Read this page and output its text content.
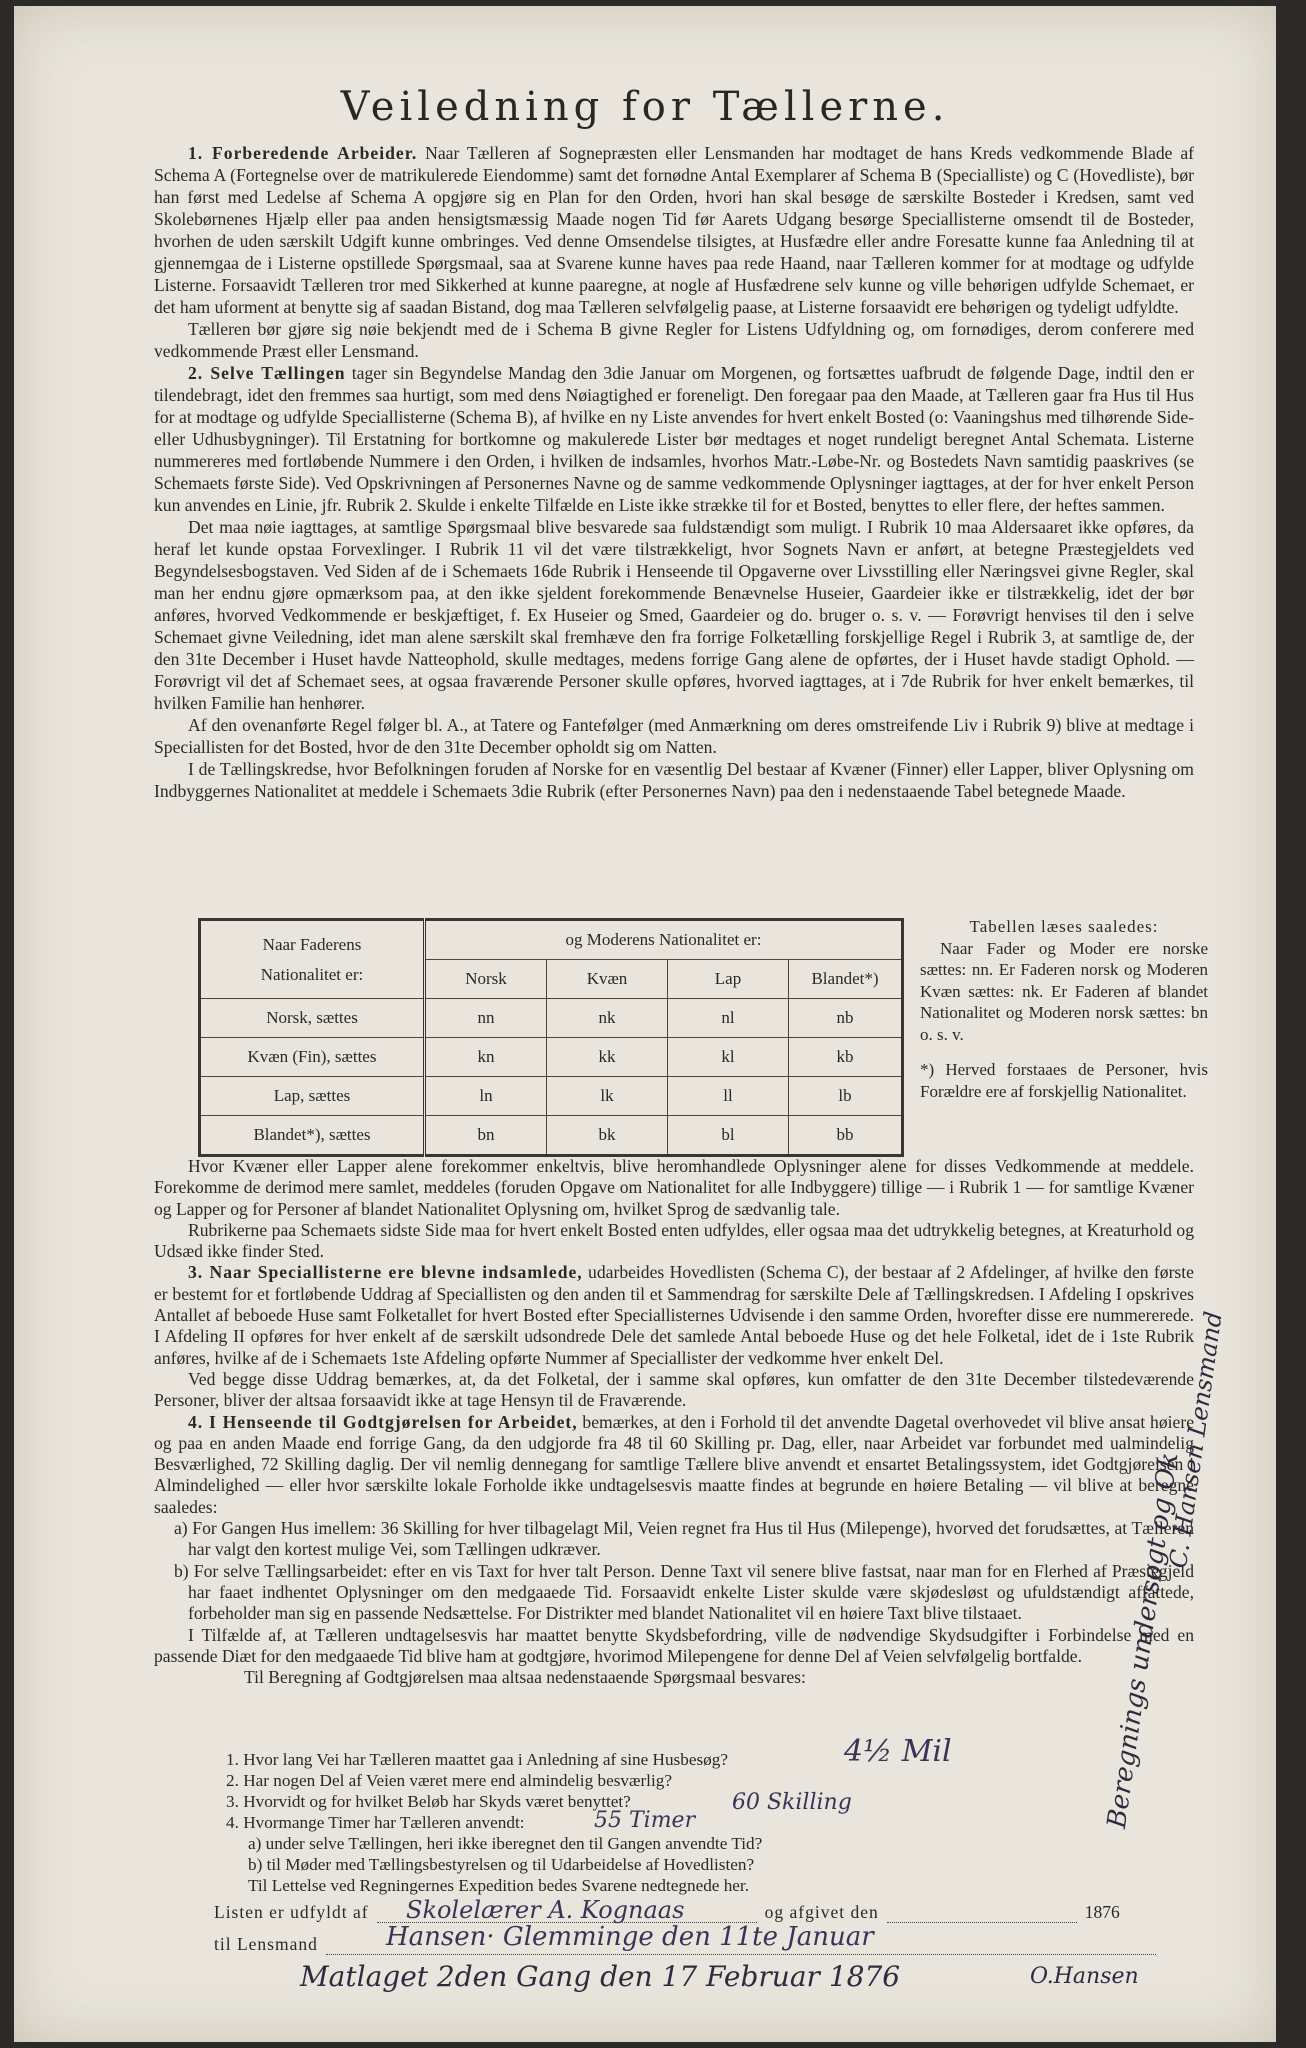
Veiledning for Tællerne.

1. Forberedende Arbeider. Naar Tælleren af Sognepræsten eller Lensmanden har modtaget de hans Kreds vedkommende Blade af Schema A (Fortegnelse over de matrikulerede Eiendomme) samt det fornødne Antal Exemplarer af Schema B (Specialliste) og C (Hovedliste), bør han først med Ledelse af Schema A opgjøre sig en Plan for den Orden, hvori han skal besøge de særskilte Bosteder i Kredsen, samt ved Skolebørnenes Hjælp eller paa anden hensigtsmæssig Maade nogen Tid før Aarets Udgang besørge Speciallisterne omsendt til de Bosteder, hvorhen de uden særskilt Udgift kunne ombringes. Ved denne Omsendelse tilsigtes, at Husfædre eller andre Foresatte kunne faa Anledning til at gjennemgaa de i Listerne opstillede Spørgsmaal, saa at Svarene kunne haves paa rede Haand, naar Tælleren kommer for at modtage og udfylde Listerne. Forsaavidt Tælleren tror med Sikkerhed at kunne paaregne, at nogle af Husfædrene selv kunne og ville behørigen udfylde Schemaet, er det ham uforment at benytte sig af saadan Bistand, dog maa Tælleren selvfølgelig paase, at Listerne forsaavidt ere behørigen og tydeligt udfyldte.

Tælleren bør gjøre sig nøie bekjendt med de i Schema B givne Regler for Listens Udfyldning og, om fornødiges, derom conferere med vedkommende Præst eller Lensmand.

2. Selve Tællingen tager sin Begyndelse Mandag den 3die Januar om Morgenen, og fortsættes uafbrudt de følgende Dage, indtil den er tilendebragt, idet den fremmes saa hurtigt, som med dens Nøiagtighed er foreneligt. Den foregaar paa den Maade, at Tælleren gaar fra Hus til Hus for at modtage og udfylde Speciallisterne (Schema B), af hvilke en ny Liste anvendes for hvert enkelt Bosted (o: Vaaningshus med tilhørende Side- eller Udhusbygninger). Til Erstatning for bortkomne og makulerede Lister bør medtages et noget rundeligt beregnet Antal Schemata. Listerne nummereres med fortløbende Nummere i den Orden, i hvilken de indsamles, hvorhos Matr.-Løbe-Nr. og Bostedets Navn samtidig paaskrives (se Schemaets første Side). Ved Opskrivningen af Personernes Navne og de samme vedkommende Oplysninger iagttages, at der for hver enkelt Person kun anvendes en Linie, jfr. Rubrik 2. Skulde i enkelte Tilfælde en Liste ikke strække til for et Bosted, benyttes to eller flere, der heftes sammen.

Det maa nøie iagttages, at samtlige Spørgsmaal blive besvarede saa fuldstændigt som muligt. I Rubrik 10 maa Aldersaaret ikke opføres, da heraf let kunde opstaa Forvexlinger. I Rubrik 11 vil det være tilstrækkeligt, hvor Sognets Navn er anført, at betegne Præstegjeldets ved Begyndelsesbogstaven. Ved Siden af de i Schemaets 16de Rubrik i Henseende til Opgaverne over Livsstilling eller Næringsvei givne Regler, skal man her endnu gjøre opmærksom paa, at den ikke sjeldent forekommende Benævnelse Huseier, Gaardeier ikke er tilstrækkelig, idet der bør anføres, hvorved Vedkommende er beskjæftiget, f. Ex Huseier og Smed, Gaardeier og do. bruger o. s. v. — Forøvrigt henvises til den i selve Schemaet givne Veiledning, idet man alene særskilt skal fremhæve den fra forrige Folketælling forskjellige Regel i Rubrik 3, at samtlige de, der den 31te December i Huset havde Natteophold, skulle medtages, medens forrige Gang alene de opførtes, der i Huset havde stadigt Ophold. — Forøvrigt vil det af Schemaet sees, at ogsaa fraværende Personer skulle opføres, hvorved iagttages, at i 7de Rubrik for hver enkelt bemærkes, til hvilken Familie han henhører.

Af den ovenanførte Regel følger bl. A., at Tatere og Fantefølger (med Anmærkning om deres omstreifende Liv i Rubrik 9) blive at medtage i Speciallisten for det Bosted, hvor de den 31te December opholdt sig om Natten.

I de Tællingskredse, hvor Befolkningen foruden af Norske for en væsentlig Del bestaar af Kvæner (Finner) eller Lapper, bliver Oplysning om Indbyggernes Nationalitet at meddele i Schemaets 3die Rubrik (efter Personernes Navn) paa den i nedenstaaende Tabel betegnede Maade.

Naar Faderens
Nationalitet er:	og Moderens Nationalitet er:			
	Norsk	Kvæn	Lap	Blandet*)
Norsk, sættes	nn	nk	nl	nb
Kvæn (Fin), sættes	kn	kk	kl	kb
Lap, sættes	ln	lk	ll	lb
Blandet*), sættes	bn	bk	bl	bb

Tabellen læses saaledes:

Naar Fader og Moder ere norske sættes: nn. Er Faderen norsk og Moderen Kvæn sættes: nk. Er Faderen af blandet Nationalitet og Moderen norsk sættes: bn o. s. v.

*) Herved forstaaes de Personer, hvis Forældre ere af forskjellig Nationalitet.

Hvor Kvæner eller Lapper alene forekommer enkeltvis, blive heromhandlede Oplysninger alene for disses Vedkommende at meddele. Forekomme de derimod mere samlet, meddeles (foruden Opgave om Nationalitet for alle Indbyggere) tillige — i Rubrik 1 — for samtlige Kvæner og Lapper og for Personer af blandet Nationalitet Oplysning om, hvilket Sprog de sædvanlig tale.

Rubrikerne paa Schemaets sidste Side maa for hvert enkelt Bosted enten udfyldes, eller ogsaa maa det udtrykkelig betegnes, at Kreaturhold og Udsæd ikke finder Sted.

3. Naar Speciallisterne ere blevne indsamlede, udarbeides Hovedlisten (Schema C), der bestaar af 2 Afdelinger, af hvilke den første er bestemt for et fortløbende Uddrag af Speciallisten og den anden til et Sammendrag for særskilte Dele af Tællingskredsen. I Afdeling I opskrives Antallet af beboede Huse samt Folketallet for hvert Bosted efter Speciallisternes Udvisende i den samme Orden, hvorefter disse ere nummererede. I Afdeling II opføres for hver enkelt af de særskilt udsondrede Dele det samlede Antal beboede Huse og det hele Folketal, idet de i 1ste Rubrik anføres, hvilke af de i Schemaets 1ste Afdeling opførte Nummer af Speciallister der vedkomme hver enkelt Del.

Ved begge disse Uddrag bemærkes, at, da det Folketal, der i samme skal opføres, kun omfatter de den 31te December tilstedeværende Personer, bliver der altsaa forsaavidt ikke at tage Hensyn til de Fraværende.

4. I Henseende til Godtgjørelsen for Arbeidet, bemærkes, at den i Forhold til det anvendte Dagetal overhovedet vil blive ansat høiere og paa en anden Maade end forrige Gang, da den udgjorde fra 48 til 60 Skilling pr. Dag, eller, naar Arbeidet var forbundet med ualmindelig Besværlighed, 72 Skilling daglig. Der vil nemlig dennegang for samtlige Tællere blive anvendt et ensartet Betalingssystem, idet Godtgjørelsen i Almindelighed — eller hvor særskilte lokale Forholde ikke undtagelsesvis maatte findes at begrunde en høiere Betaling — vil blive at beregne saaledes:

a) For Gangen Hus imellem: 36 Skilling for hver tilbagelagt Mil, Veien regnet fra Hus til Hus (Milepenge), hvorved det forudsættes, at Tælleren har valgt den kortest mulige Vei, som Tællingen udkræver.

b) For selve Tællingsarbeidet: efter en vis Taxt for hver talt Person. Denne Taxt vil senere blive fastsat, naar man for en Flerhed af Præstegjeld har faaet indhentet Oplysninger om den medgaaede Tid. Forsaavidt enkelte Lister skulde være skjødesløst og ufuldstændigt affattede, forbeholder man sig en passende Nedsættelse. For Distrikter med blandet Nationalitet vil en høiere Taxt blive tilstaaet.

I Tilfælde af, at Tælleren undtagelsesvis har maattet benytte Skydsbefordring, ville de nødvendige Skydsudgifter i Forbindelse med en passende Diæt for den medgaaede Tid blive ham at godtgjøre, hvorimod Milepengene for denne Del af Veien selvfølgelig bortfalde.

Til Beregning af Godtgjørelsen maa altsaa nedenstaaende Spørgsmaal besvares:

1. Hvor lang Vei har Tælleren maattet gaa i Anledning af sine Husbesøg?
2. Har nogen Del af Veien været mere end almindelig besværlig?
3. Hvorvidt og for hvilket Beløb har Skyds været benyttet?
4. Hvormange Timer har Tælleren anvendt:
a) under selve Tællingen, heri ikke iberegnet den til Gangen anvendte Tid?
b) til Møder med Tællingsbestyrelsen og til Udarbeidelse af Hovedlisten?
Til Lettelse ved Regningernes Expedition bedes Svarene nedtegnede her.
Listen er udfyldt af	og afgivet den	1876
til Lensmand
4½ Mil
60 Skilling
55 Timer
Skolelærer A. Kognaas
Hansen· Glemminge den 11te Januar
Matlaget 2den Gang den 17 Februar 1876	O.Hansen
Beregnings undersøgt og Ok
C. Hansen Lensmand
